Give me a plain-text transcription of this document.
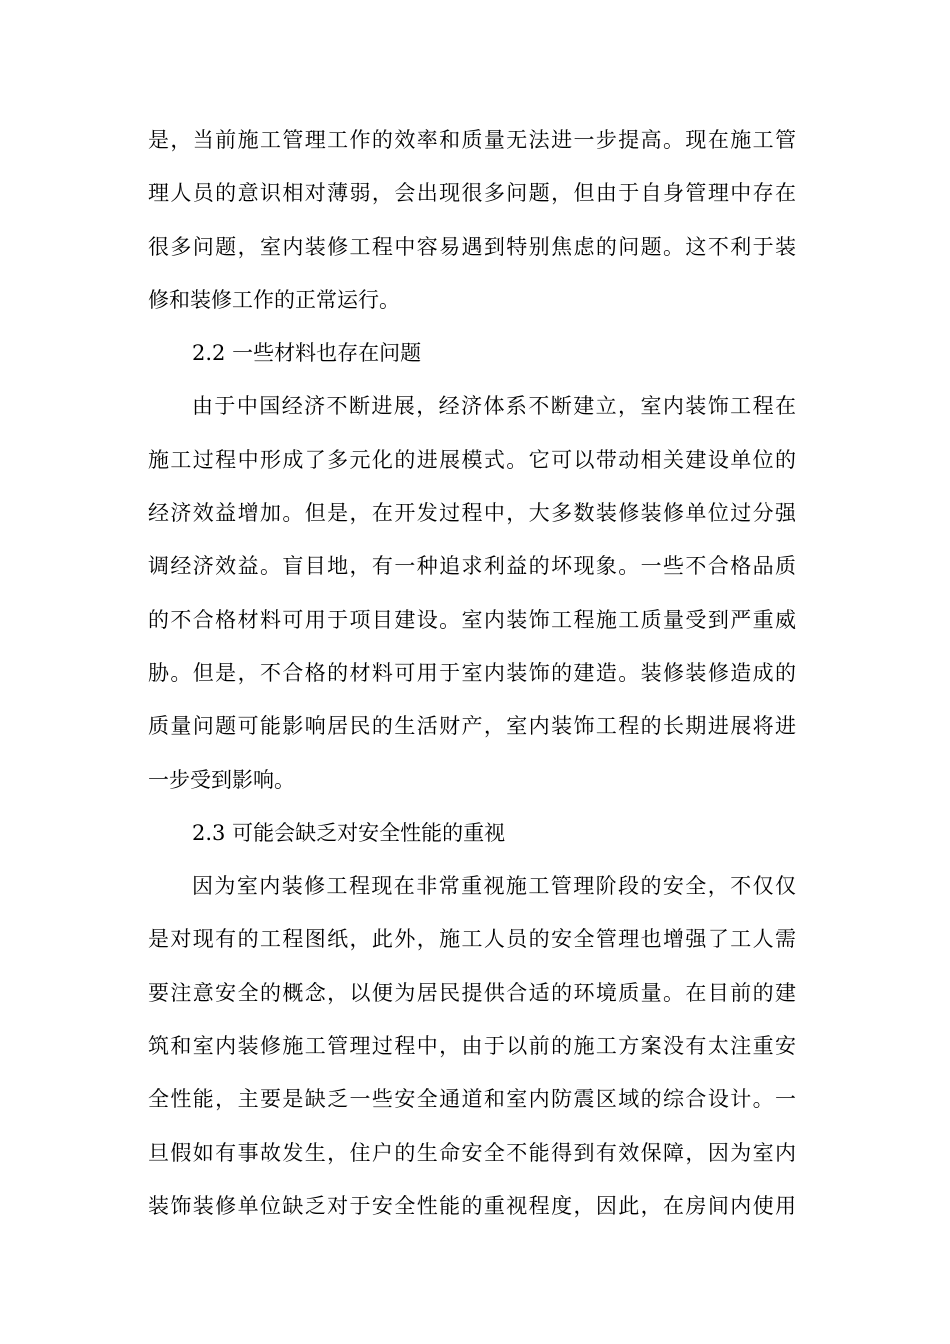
是，当前施工管理工作的效率和质量无法进一步提高。现在施工管
理人员的意识相对薄弱，会出现很多问题，但由于自身管理中存在
很多问题，室内装修工程中容易遇到特别焦虑的问题。这不利于装
修和装修工作的正常运行。
2.2 一些材料也存在问题
由于中国经济不断进展，经济体系不断建立，室内装饰工程在
施工过程中形成了多元化的进展模式。它可以带动相关建设单位的
经济效益增加。但是，在开发过程中，大多数装修装修单位过分强
调经济效益。盲目地，有一种追求利益的坏现象。一些不合格品质
的不合格材料可用于项目建设。室内装饰工程施工质量受到严重威
胁。但是，不合格的材料可用于室内装饰的建造。装修装修造成的
质量问题可能影响居民的生活财产，室内装饰工程的长期进展将进
一步受到影响。
2.3 可能会缺乏对安全性能的重视
因为室内装修工程现在非常重视施工管理阶段的安全，不仅仅
是对现有的工程图纸，此外，施工人员的安全管理也增强了工人需
要注意安全的概念，以便为居民提供合适的环境质量。在目前的建
筑和室内装修施工管理过程中，由于以前的施工方案没有太注重安
全性能，主要是缺乏一些安全通道和室内防震区域的综合设计。一
旦假如有事故发生，住户的生命安全不能得到有效保障，因为室内
装饰装修单位缺乏对于安全性能的重视程度，因此，在房间内使用
